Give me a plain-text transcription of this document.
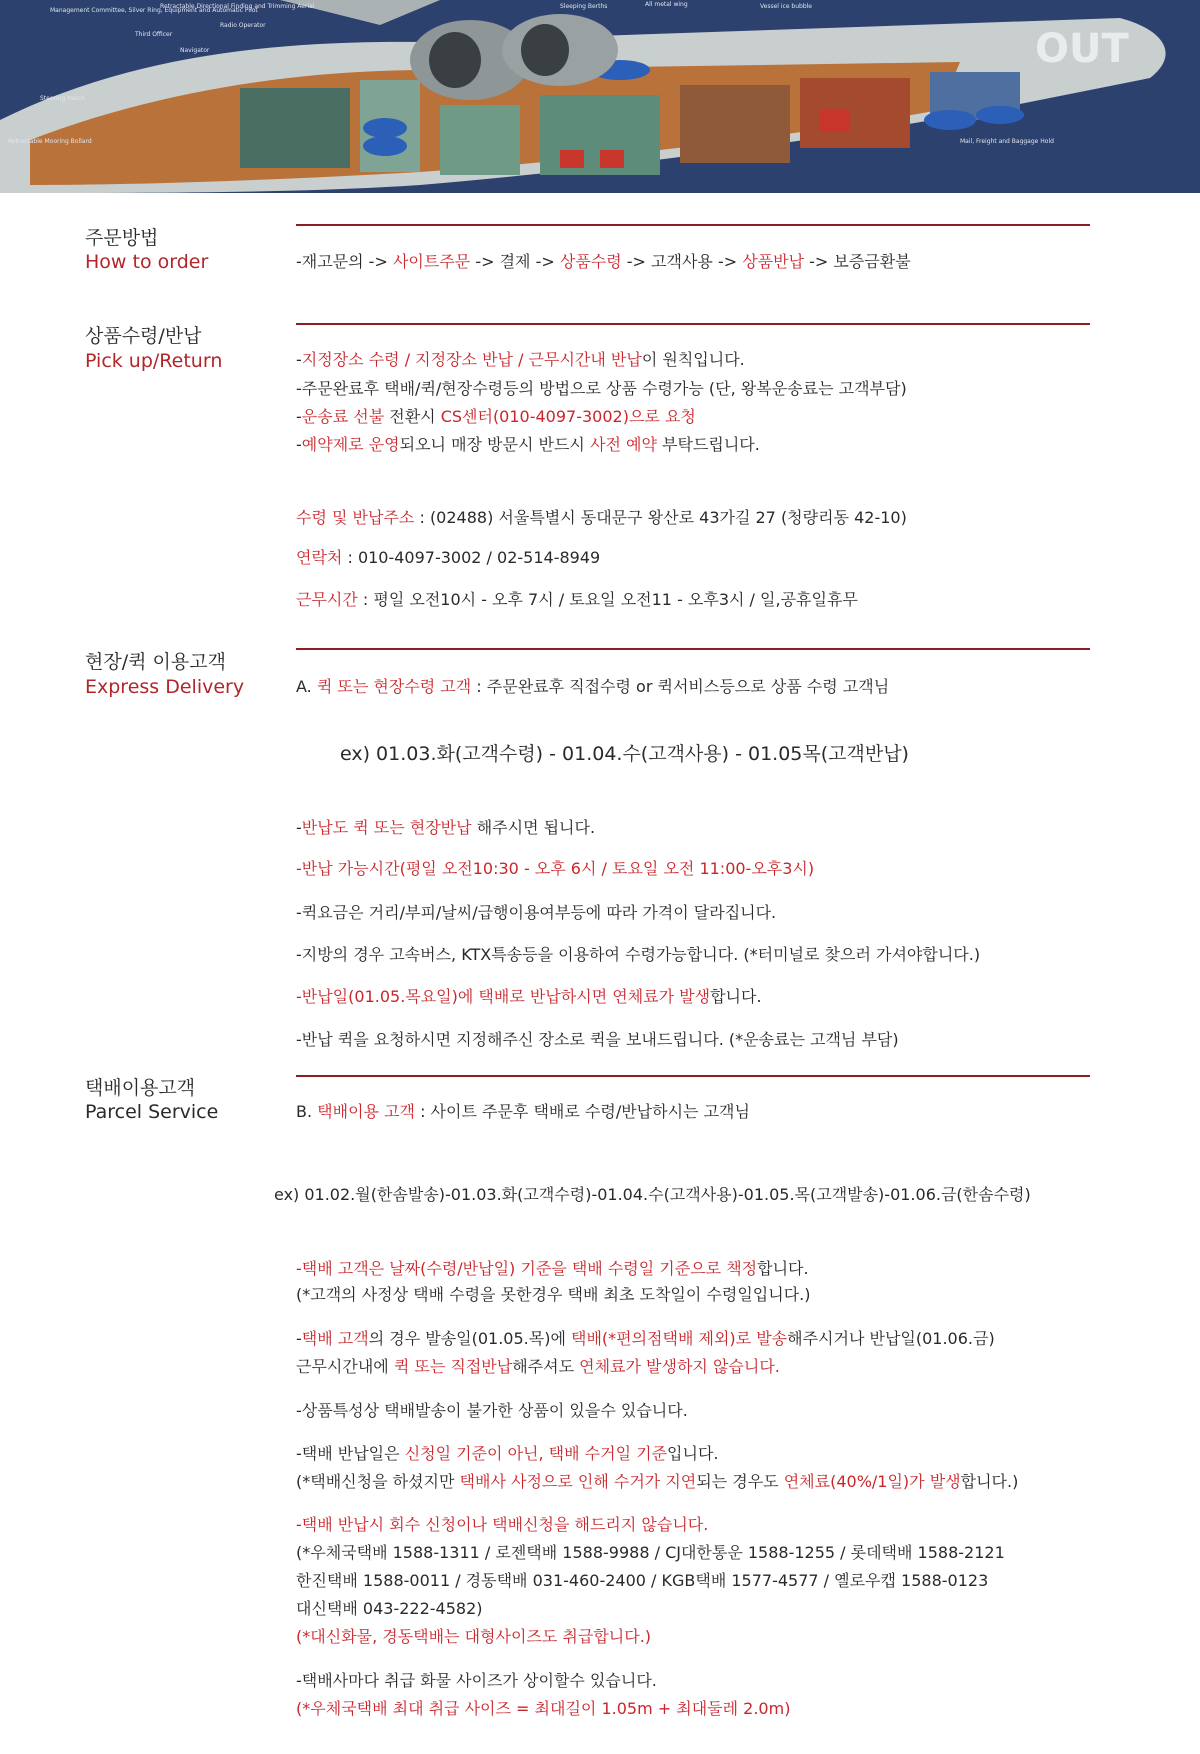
OUT
Management Committee, Silver Ring, Equipment and Automatic Pilot
Third Officer
Navigator
Steering Hatch
Retractable Mooring Bollard
Retractable Directional Finding and Trimming Aerial
Radio Operator
Sleeping Berths	All metal wing	Vessel ice bubble
Mail, Freight and Baggage Hold
주문방법
How to order	-재고문의 -> 사이트주문 -> 결제 -> 상품수령 -> 고객사용 -> 상품반납 -> 보증금환불
상품수령/반납
Pick up/Return	-지정장소 수령 / 지정장소 반납 / 근무시간내 반납이 원칙입니다.
-주문완료후 택배/퀵/현장수령등의 방법으로 상품 수령가능 (단, 왕복운송료는 고객부담)
-운송료 선불 전환시 CS센터(010-4097-3002)으로 요청
-예약제로 운영되오니 매장 방문시 반드시 사전 예약 부탁드립니다.
수령 및 반납주소 : (02488) 서울특별시 동대문구 왕산로 43가길 27 (청량리동 42-10)
연락처 : 010-4097-3002 / 02-514-8949
근무시간 : 평일 오전10시 - 오후 7시 / 토요일 오전11 - 오후3시 / 일,공휴일휴무
현장/퀵 이용고객
Express Delivery	A. 퀵 또는 현장수령 고객 : 주문완료후 직접수령 or 퀵서비스등으로 상품 수령 고객님
ex) 01.03.화(고객수령) - 01.04.수(고객사용) - 01.05목(고객반납)
-반납도 퀵 또는 현장반납 해주시면 됩니다.
-반납 가능시간(평일 오전10:30 - 오후 6시 / 토요일 오전 11:00-오후3시)
-퀵요금은 거리/부피/날씨/급행이용여부등에 따라 가격이 달라집니다.
-지방의 경우 고속버스, KTX특송등을 이용하여 수령가능합니다. (*터미널로 찾으러 가셔야합니다.)
-반납일(01.05.목요일)에 택배로 반납하시면 연체료가 발생합니다.
-반납 퀵을 요청하시면 지정해주신 장소로 퀵을 보내드립니다. (*운송료는 고객님 부담)
택배이용고객
Parcel Service	B. 택배이용 고객 : 사이트 주문후 택배로 수령/반납하시는 고객님
ex) 01.02.월(한솜발송)-01.03.화(고객수령)-01.04.수(고객사용)-01.05.목(고객발송)-01.06.금(한솜수령)
-택배 고객은 날짜(수령/반납일) 기준을 택배 수령일 기준으로 책정합니다.
(*고객의 사정상 택배 수령을 못한경우 택배 최초 도착일이 수령일입니다.)
-택배 고객의 경우 발송일(01.05.목)에 택배(*편의점택배 제외)로 발송해주시거나 반납일(01.06.금)
근무시간내에 퀵 또는 직접반납해주셔도 연체료가 발생하지 않습니다.
-상품특성상 택배발송이 불가한 상품이 있을수 있습니다.
-택배 반납일은 신청일 기준이 아닌, 택배 수거일 기준입니다.
(*택배신청을 하셨지만 택배사 사정으로 인해 수거가 지연되는 경우도 연체료(40%/1일)가 발생합니다.)
-택배 반납시 회수 신청이나 택배신청을 해드리지 않습니다.
(*우체국택배 1588-1311 / 로젠택배 1588-9988 / CJ대한통운 1588-1255 / 롯데택배 1588-2121
한진택배 1588-0011 / 경동택배 031-460-2400 / KGB택배 1577-4577 / 옐로우캡 1588-0123
대신택배 043-222-4582)
(*대신화물, 경동택배는 대형사이즈도 취급합니다.)
-택배사마다 취급 화물 사이즈가 상이할수 있습니다.
(*우체국택배 최대 취급 사이즈 = 최대길이 1.05m + 최대둘레 2.0m)
